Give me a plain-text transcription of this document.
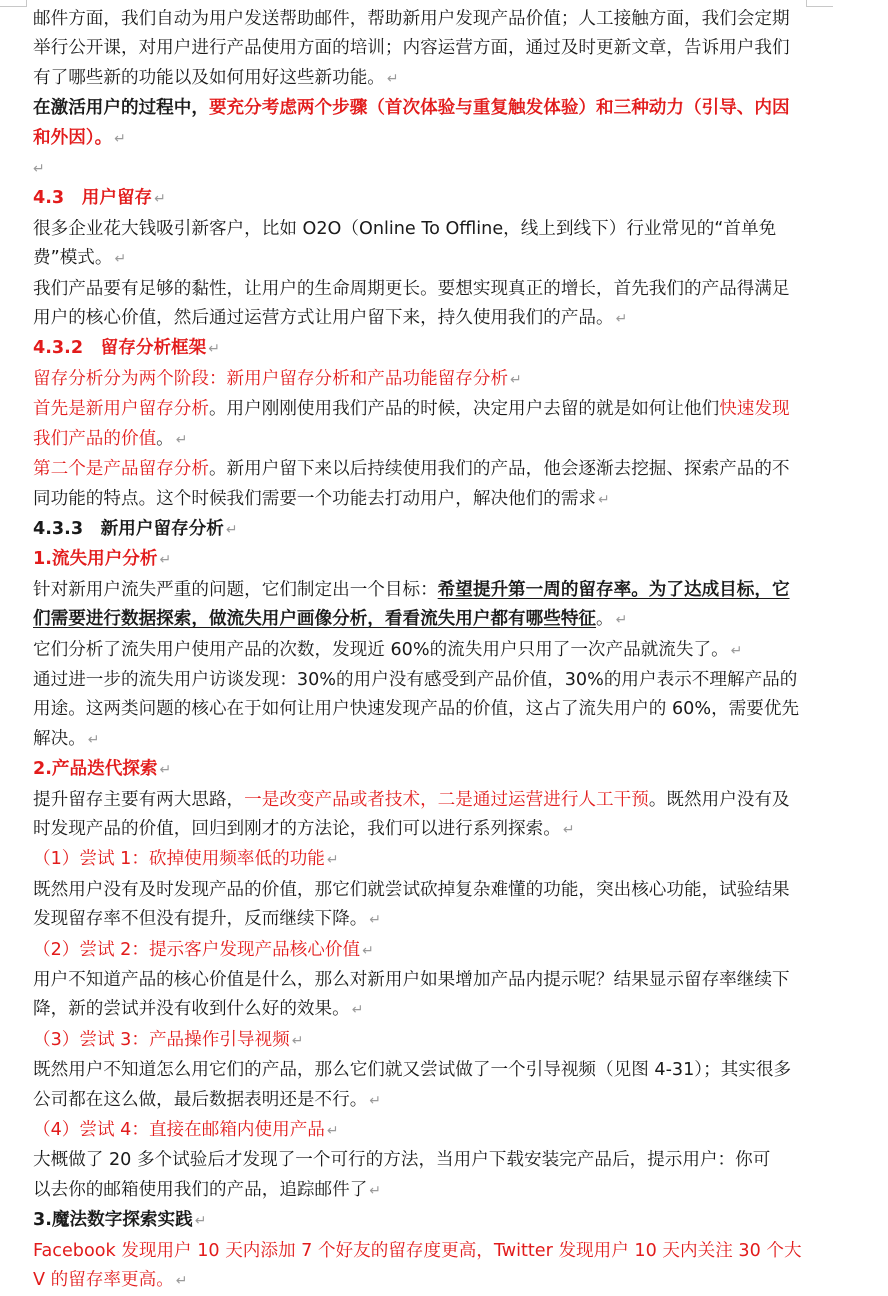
邮件方面，我们自动为用户发送帮助邮件，帮助新用户发现产品价值；人工接触方面，我们会定期举行公开课，对用户进行产品使用方面的培训；内容运营方面，通过及时更新文章，告诉用户我们有了哪些新的功能以及如何用好这些新功能。 ↵

在激活用户的过程中，要充分考虑两个步骤（首次体验与重复触发体验）和三种动力（引导、内因和外因）。 ↵

↵

4.3　用户留存 ↵

很多企业花大钱吸引新客户，比如 O2O（Online To Offline，线上到线下）行业常见的“首单免费”模式。 ↵

我们产品要有足够的黏性，让用户的生命周期更长。要想实现真正的增长，首先我们的产品得满足用户的核心价值，然后通过运营方式让用户留下来，持久使用我们的产品。 ↵

4.3.2　留存分析框架 ↵

留存分析分为两个阶段：新用户留存分析和产品功能留存分析 ↵

首先是新用户留存分析。用户刚刚使用我们产品的时候，决定用户去留的就是如何让他们快速发现我们产品的价值。 ↵

第二个是产品留存分析。新用户留下来以后持续使用我们的产品，他会逐渐去挖掘、探索产品的不同功能的特点。这个时候我们需要一个功能去打动用户，解决他们的需求 ↵

4.3.3　新用户留存分析 ↵

1.流失用户分析 ↵

针对新用户流失严重的问题，它们制定出一个目标：希望提升第一周的留存率。为了达成目标，它们需要进行数据探索，做流失用户画像分析，看看流失用户都有哪些特征。 ↵

它们分析了流失用户使用产品的次数，发现近 60%的流失用户只用了一次产品就流失了。 ↵

通过进一步的流失用户访谈发现：30%的用户没有感受到产品价值，30%的用户表示不理解产品的用途。这两类问题的核心在于如何让用户快速发现产品的价值，这占了流失用户的 60%，需要优先解决。 ↵

2.产品迭代探索 ↵

提升留存主要有两大思路，一是改变产品或者技术，二是通过运营进行人工干预。既然用户没有及时发现产品的价值，回归到刚才的方法论，我们可以进行系列探索。 ↵

（1）尝试 1：砍掉使用频率低的功能 ↵

既然用户没有及时发现产品的价值，那它们就尝试砍掉复杂难懂的功能，突出核心功能，试验结果发现留存率不但没有提升，反而继续下降。 ↵

（2）尝试 2：提示客户发现产品核心价值 ↵

用户不知道产品的核心价值是什么，那么对新用户如果增加产品内提示呢？结果显示留存率继续下降，新的尝试并没有收到什么好的效果。 ↵

（3）尝试 3：产品操作引导视频 ↵

既然用户不知道怎么用它们的产品，那么它们就又尝试做了一个引导视频（见图 4-31）；其实很多公司都在这么做，最后数据表明还是不行。 ↵

（4）尝试 4：直接在邮箱内使用产品 ↵

大概做了 20 多个试验后才发现了一个可行的方法，当用户下载安装完产品后，提示用户：你可以去你的邮箱使用我们的产品，追踪邮件了 ↵

3.魔法数字探索实践 ↵

Facebook 发现用户 10 天内添加 7 个好友的留存度更高，Twitter 发现用户 10 天内关注 30 个大 V 的留存率更高。 ↵
